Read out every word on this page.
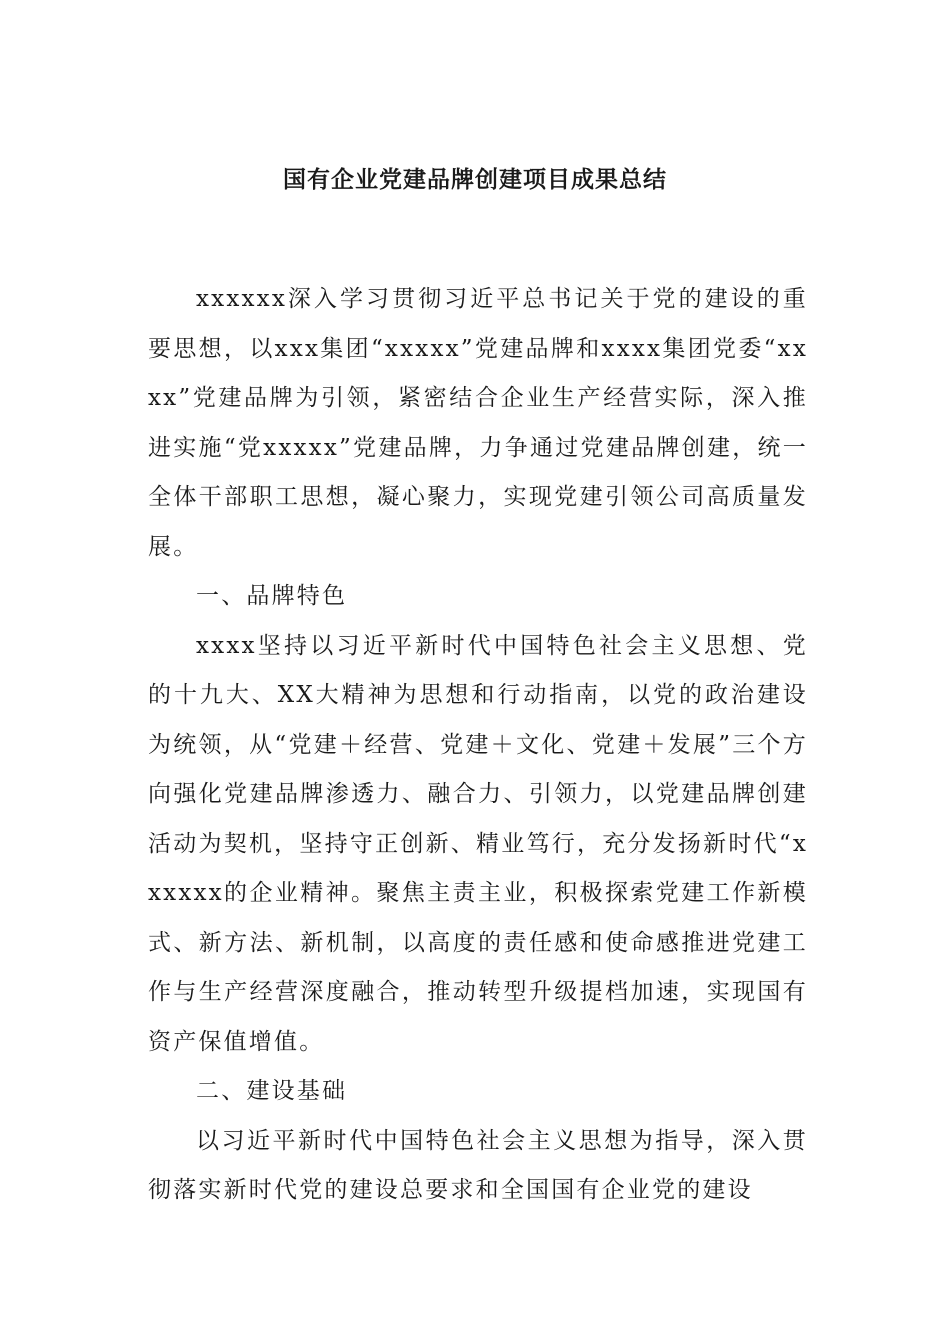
国有企业党建品牌创建项目成果总结

xxxxxx深入学习贯彻习近平总书记关于党的建设的重要思想，以xxx集团“xxxxx”党建品牌和xxxx集团党委“xxxx”党建品牌为引领，紧密结合企业生产经营实际，深入推进实施“党xxxxx”党建品牌，力争通过党建品牌创建，统一全体干部职工思想，凝心聚力，实现党建引领公司高质量发展。

一、品牌特色

xxxx坚持以习近平新时代中国特色社会主义思想、党的十九大、XX大精神为思想和行动指南，以党的政治建设为统领，从“党建＋经营、党建＋文化、党建＋发展”三个方向强化党建品牌渗透力、融合力、引领力，以党建品牌创建活动为契机，坚持守正创新、精业笃行，充分发扬新时代“xxxxxx的企业精神。聚焦主责主业，积极探索党建工作新模式、新方法、新机制，以高度的责任感和使命感推进党建工作与生产经营深度融合，推动转型升级提档加速，实现国有资产保值增值。

二、建设基础

以习近平新时代中国特色社会主义思想为指导，深入贯彻落实新时代党的建设总要求和全国国有企业党的建设
